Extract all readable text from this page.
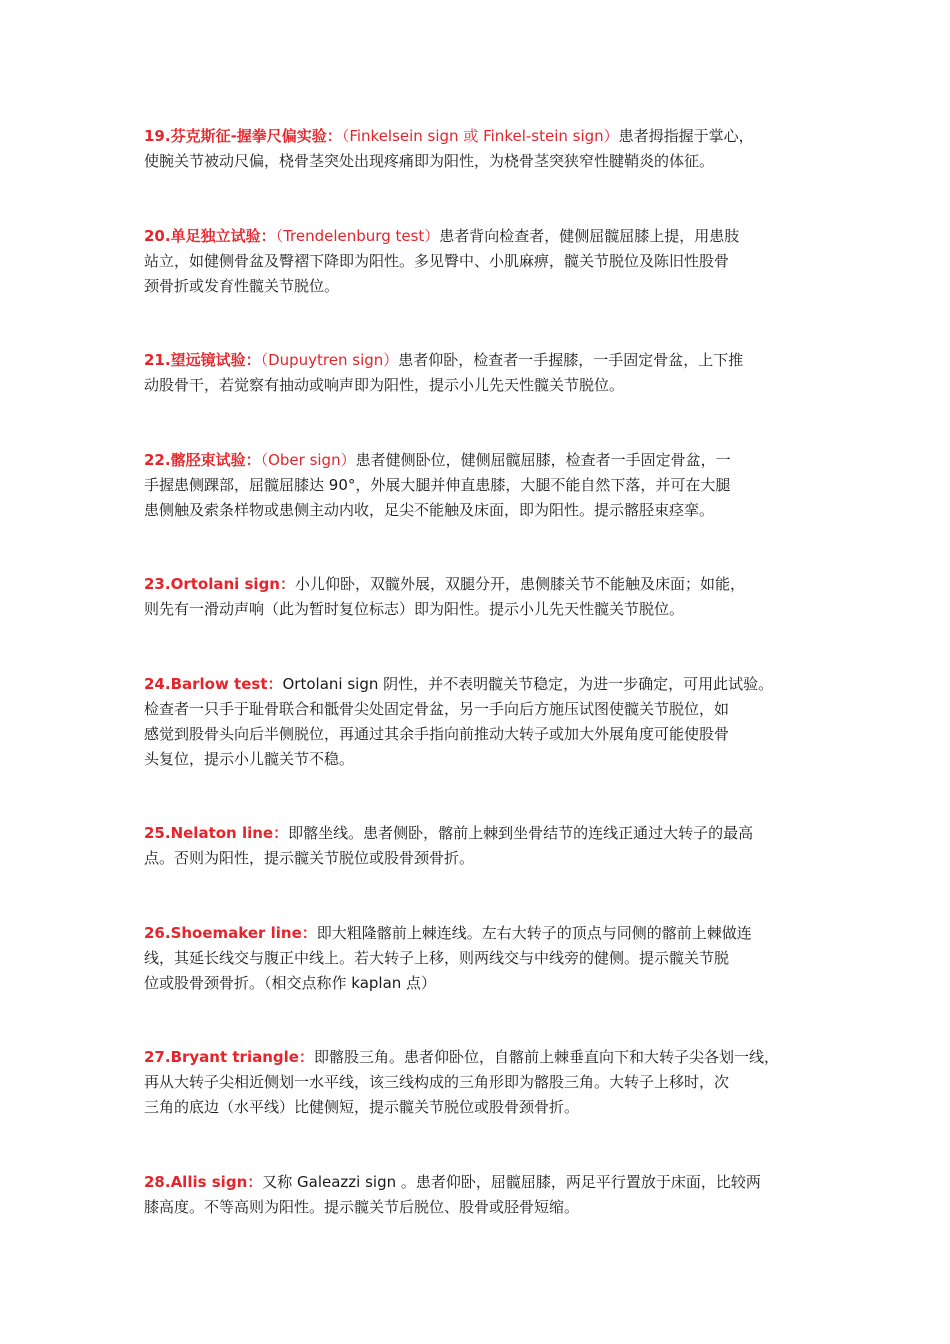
19.芬克斯征-握拳尺偏实验：（Finkelsein sign 或 Finkel-stein sign）患者拇指握于掌心，
使腕关节被动尺偏，桡骨茎突处出现疼痛即为阳性，为桡骨茎突狭窄性腱鞘炎的体征。
20.单足独立试验：（Trendelenburg test）患者背向检查者，健侧屈髋屈膝上提，用患肢
站立，如健侧骨盆及臀褶下降即为阳性。多见臀中、小肌麻痹，髋关节脱位及陈旧性股骨
颈骨折或发育性髋关节脱位。
21.望远镜试验：（Dupuytren sign）患者仰卧，检查者一手握膝，一手固定骨盆，上下推
动股骨干，若觉察有抽动或响声即为阳性，提示小儿先天性髋关节脱位。
22.髂胫束试验：（Ober sign）患者健侧卧位，健侧屈髋屈膝，检查者一手固定骨盆，一
手握患侧踝部，屈髋屈膝达 90°，外展大腿并伸直患膝，大腿不能自然下落，并可在大腿
患侧触及索条样物或患侧主动内收，足尖不能触及床面，即为阳性。提示髂胫束痉挛。
23.Ortolani sign：小儿仰卧，双髋外展，双腿分开，患侧膝关节不能触及床面；如能，
则先有一滑动声响（此为暂时复位标志）即为阳性。提示小儿先天性髋关节脱位。
24.Barlow test：Ortolani sign 阴性，并不表明髋关节稳定，为进一步确定，可用此试验。
检查者一只手于耻骨联合和骶骨尖处固定骨盆，另一手向后方施压试图使髋关节脱位，如
感觉到股骨头向后半侧脱位，再通过其余手指向前推动大转子或加大外展角度可能使股骨
头复位，提示小儿髋关节不稳。
25.Nelaton line：即髂坐线。患者侧卧，髂前上棘到坐骨结节的连线正通过大转子的最高
点。否则为阳性，提示髋关节脱位或股骨颈骨折。
26.Shoemaker line：即大粗隆髂前上棘连线。左右大转子的顶点与同侧的髂前上棘做连
线，其延长线交与腹正中线上。若大转子上移，则两线交与中线旁的健侧。提示髋关节脱
位或股骨颈骨折。（相交点称作 kaplan 点）
27.Bryant triangle：即髂股三角。患者仰卧位，自髂前上棘垂直向下和大转子尖各划一线，
再从大转子尖相近侧划一水平线，该三线构成的三角形即为髂股三角。大转子上移时，次
三角的底边（水平线）比健侧短，提示髋关节脱位或股骨颈骨折。
28.Allis sign：又称 Galeazzi sign 。患者仰卧，屈髋屈膝，两足平行置放于床面，比较两
膝高度。不等高则为阳性。提示髋关节后脱位、股骨或胫骨短缩。
